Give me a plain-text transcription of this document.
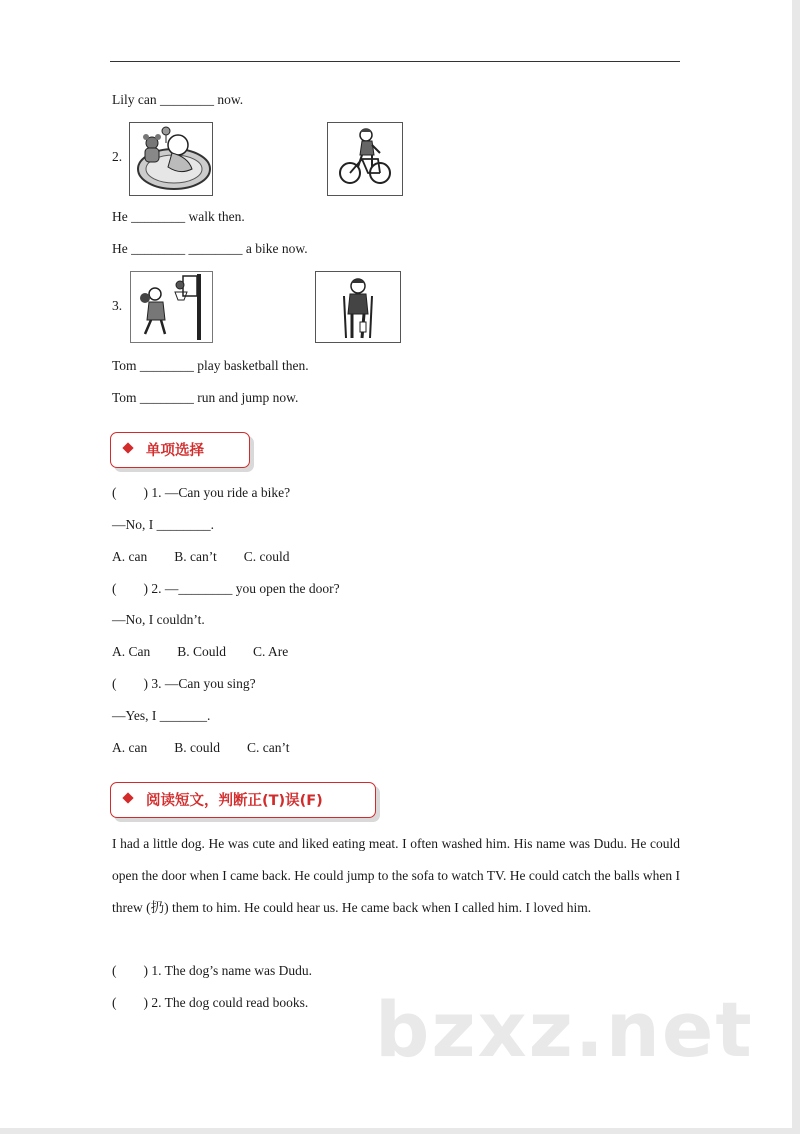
Lily can ________ now.
2.
He ________ walk then.
He ________ ________ a bike now.
3.
Tom ________ play basketball then.
Tom ________ run and jump now.
单项选择
(　　) 1. —Can you ride a bike?
—No, I ________.
A. can　　B. can’t　　C. could
(　　) 2. —________ you open the door?
—No, I couldn’t.
A. Can　　B. Could　　C. Are
(　　) 3. —Can you sing?
—Yes, I _______.
A. can　　B. could　　C. can’t
阅读短文，判断正(T)误(F)
I had a little dog. He was cute and liked eating meat. I often washed him. His name was Dudu. He could open the door when I came back. He could jump to the sofa to watch TV. He could catch the balls when I threw (扔) them to him. He could hear us. He came back when I called him. I loved him.
(　　) 1. The dog’s name was Dudu.
(　　) 2. The dog could read books. bzxz.net
